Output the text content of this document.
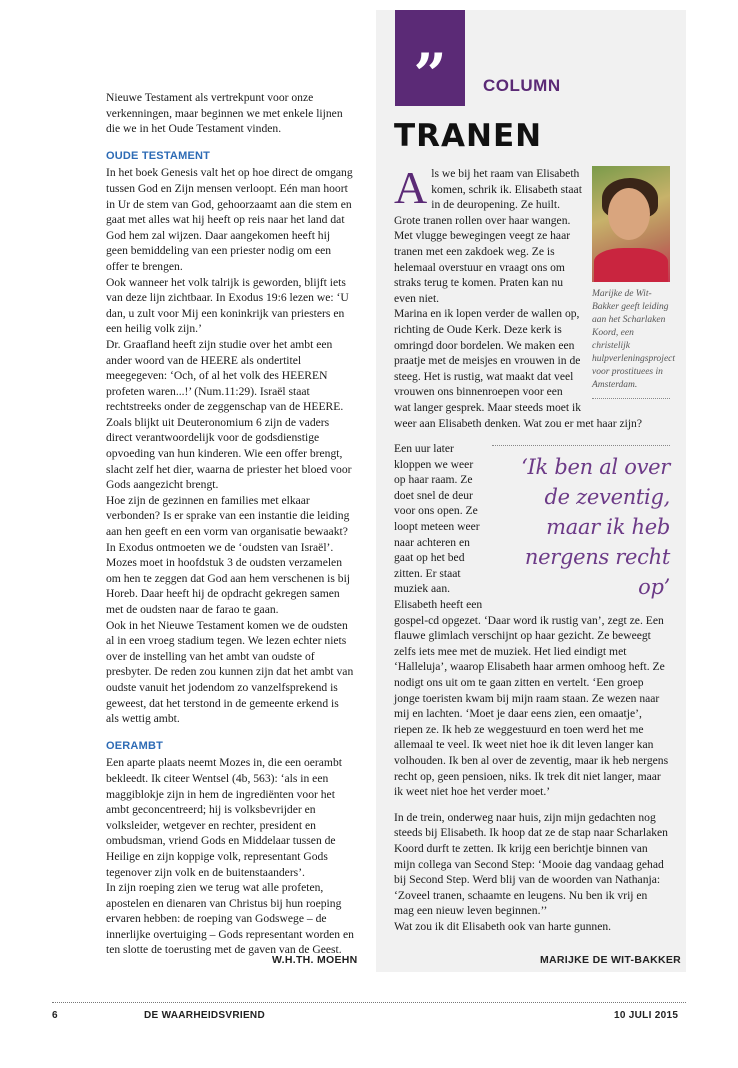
Nieuwe Testament als vertrekpunt voor onze verkenningen, maar beginnen we met enkele lijnen die we in het Oude Testament vinden.

OUDE TESTAMENT

In het boek Genesis valt het op hoe direct de omgang tussen God en Zijn mensen verloopt. Eén man hoort in Ur de stem van God, gehoorzaamt aan die stem en gaat met alles wat hij heeft op reis naar het land dat God hem zal wijzen. Daar aangekomen heeft hij geen bemiddeling van een priester nodig om een offer te brengen.

Ook wanneer het volk talrijk is geworden, blijft iets van deze lijn zichtbaar. In Exodus 19:6 lezen we: ‘U dan, u zult voor Mij een koninkrijk van priesters en een heilig volk zijn.’

Dr. Graafland heeft zijn studie over het ambt een ander woord van de HEERE als ondertitel meegegeven: ‘Och, of al het volk des HEEREN profeten waren...!’ (Num.11:29). Israël staat rechtstreeks onder de zeggenschap van de HEERE. Zoals blijkt uit Deuteronomium 6 zijn de vaders direct verantwoordelijk voor de godsdienstige opvoeding van hun kinderen. Wie een offer brengt, slacht zelf het dier, waarna de priester het bloed voor Gods aangezicht brengt.

Hoe zijn de gezinnen en families met elkaar verbonden? Is er sprake van een instantie die leiding aan hen geeft en een vorm van organisatie bewaakt? In Exodus ontmoeten we de ‘oudsten van Israël’. Mozes moet in hoofdstuk 3 de oudsten verzamelen om hen te zeggen dat God aan hem verschenen is bij Horeb. Daar heeft hij de opdracht gekregen samen met de oudsten naar de farao te gaan.

Ook in het Nieuwe Testament komen we de oudsten al in een vroeg stadium tegen. We lezen echter niets over de instelling van het ambt van oudste of presbyter. De reden zou kunnen zijn dat het ambt van oudste vanuit het jodendom zo vanzelfsprekend is geweest, dat het terstond in de gemeente erkend is als wettig ambt.

OERAMBT

Een aparte plaats neemt Mozes in, die een oerambt bekleedt. Ik citeer Wentsel (4b, 563): ‘als in een maggiblokje zijn in hem de ingrediënten voor het ambt geconcentreerd; hij is volksbevrijder en volksleider, wetgever en rechter, president en ombudsman, vriend Gods en Middelaar tussen de Heilige en zijn koppige volk, representant Gods tegenover zijn volk en de buitenstaanders’.

In zijn roeping zien we terug wat alle profeten, apostelen en dienaren van Christus bij hun roeping ervaren hebben: de roeping van Godswege – de innerlijke overtuiging – Gods representant worden en ten slotte de toerusting met de gaven van de Geest.

W.H.TH. MOEHN
”	COLUMN
TRANEN
Marijke de Wit-Bakker geeft leiding aan het Scharlaken Koord, een christelijk hulpverleningsproject voor prostituees in Amsterdam.

Als we bij het raam van Elisabeth komen, schrik ik. Elisabeth staat in de deuropening. Ze huilt. Grote tranen rollen over haar wangen. Met vlugge bewegingen veegt ze haar tranen met een zakdoek weg. Ze is helemaal overstuur en vraagt ons om straks terug te komen. Praten kan nu even niet.

Marina en ik lopen verder de wallen op, richting de Oude Kerk. Deze kerk is omringd door bordelen. We maken een praatje met de meisjes en vrouwen in de steeg. Het is rustig, wat maakt dat veel vrouwen ons binnenroepen voor een wat langer gesprek. Maar steeds moet ik weer aan Elisabeth denken. Wat zou er met haar zijn?

‘Ik ben al over de zeventig, maar ik heb nergens recht op’
Een uur later kloppen we weer op haar raam. Ze doet snel de deur voor ons open. Ze loopt meteen weer naar achteren en gaat op het bed zitten. Er staat muziek aan. Elisabeth heeft een gospel-cd opgezet. ‘Daar word ik rustig van’, zegt ze. Een flauwe glimlach verschijnt op haar gezicht. Ze beweegt zelfs iets mee met de muziek. Het lied eindigt met ‘Halleluja’, waarop Elisabeth haar armen omhoog heft. Ze nodigt ons uit om te gaan zitten en vertelt. ‘Een groep jonge toeristen kwam bij mijn raam staan. Ze wezen naar mij en lachten. ‘Moet je daar eens zien, een omaatje’, riepen ze. Ik heb ze weggestuurd en toen werd het me allemaal te veel. Ik weet niet hoe ik dit leven langer kan volhouden. Ik ben al over de zeventig, maar ik heb nergens recht op, geen pensioen, niks. Ik trek dit niet langer, maar ik weet niet hoe het verder moet.’

In de trein, onderweg naar huis, zijn mijn gedachten nog steeds bij Elisabeth. Ik hoop dat ze de stap naar Scharlaken Koord durft te zetten. Ik krijg een berichtje binnen van mijn collega van Second Step: ‘Mooie dag vandaag gehad bij Second Step. Werd blij van de woorden van Nathanja: ‘Zoveel tranen, schaamte en leugens. Nu ben ik vrij en mag een nieuw leven beginnen.’’

Wat zou ik dit Elisabeth ook van harte gunnen.

MARIJKE DE WIT-BAKKER
6	DE WAARHEIDSVRIEND	10 JULI 2015
